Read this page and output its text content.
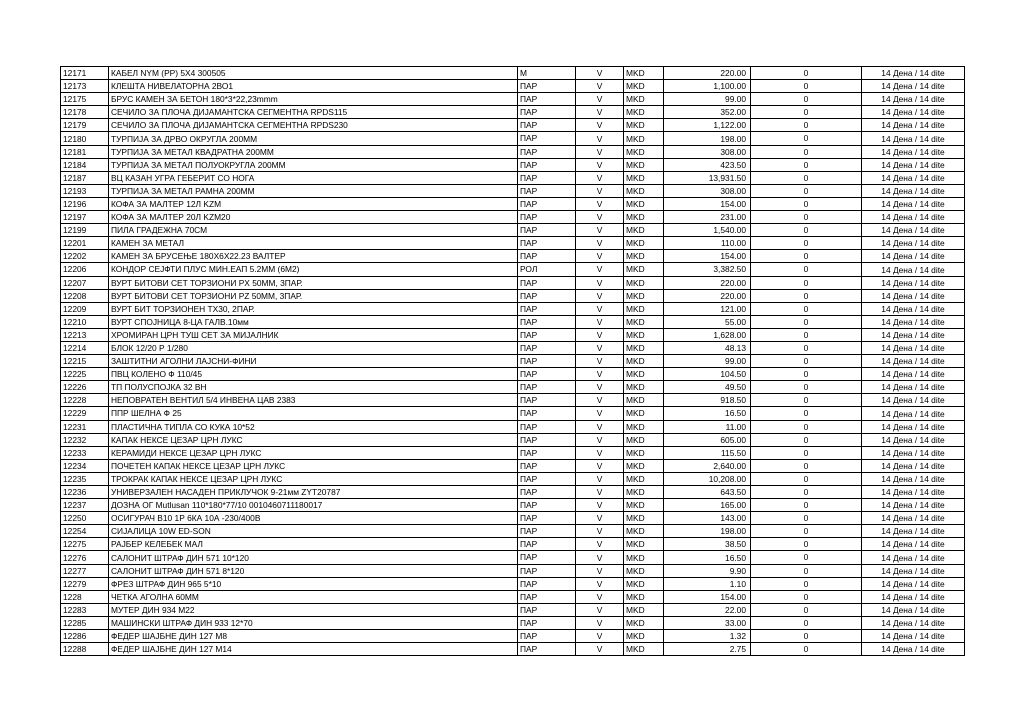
12171	КАБЕЛ NYM (PP) 5X4 300505	M	V	MKD	220.00	0	14 Дена / 14 dite
12173	КЛЕШТА НИВЕЛАТОРНА 2ВО1	ПАР	V	MKD	1,100.00	0	14 Дена / 14 dite
12175	БРУС КАМЕН ЗА БЕТОН 180*3*22,23mmm	ПАР	V	MKD	99.00	0	14 Дена / 14 dite
12178	СЕЧИЛО ЗА ПЛОЧА ДИЈАМАНТСКА СЕГМЕНТНА RPDS115	ПАР	V	MKD	352.00	0	14 Дена / 14 dite
12179	СЕЧИЛО ЗА ПЛОЧА ДИЈАМАНТСКА СЕГМЕНТНА RPDS230	ПАР	V	MKD	1,122.00	0	14 Дена / 14 dite
12180	ТУРПИЈА ЗА ДРВО ОКРУГЛА 200ММ	ПАР	V	MKD	198.00	0	14 Дена / 14 dite
12181	ТУРПИЈА ЗА МЕТАЛ КВАДРАТНА 200ММ	ПАР	V	MKD	308.00	0	14 Дена / 14 dite
12184	ТУРПИЈА ЗА МЕТАЛ ПОЛУОКРУГЛА 200ММ	ПАР	V	MKD	423.50	0	14 Дена / 14 dite
12187	ВЦ КАЗАН УГРА ГЕБЕРИТ СО НОГА	ПАР	V	MKD	13,931.50	0	14 Дена / 14 dite
12193	ТУРПИЈА ЗА МЕТАЛ РАМНА 200ММ	ПАР	V	MKD	308.00	0	14 Дена / 14 dite
12196	КОФА ЗА МАЛТЕР 12Л KZM	ПАР	V	MKD	154.00	0	14 Дена / 14 dite
12197	КОФА ЗА МАЛТЕР 20Л KZM20	ПАР	V	MKD	231.00	0	14 Дена / 14 dite
12199	ПИЛА ГРАДЕЖНА 70СМ	ПАР	V	MKD	1,540.00	0	14 Дена / 14 dite
12201	КАМЕН ЗА МЕТАЛ	ПАР	V	MKD	110.00	0	14 Дена / 14 dite
12202	КАМЕН ЗА БРУСЕЊЕ 180Х6Х22.23 ВАЛТЕР	ПАР	V	MKD	154.00	0	14 Дена / 14 dite
12206	КОНДОР СЕЈФТИ ПЛУС МИН.ЕАП 5.2ММ (6М2)	РОЛ	V	MKD	3,382.50	0	14 Дена / 14 dite
12207	ВУРТ БИТОВИ СЕТ ТОРЗИОНИ PX 50ММ, 3ПАР.	ПАР	V	MKD	220.00	0	14 Дена / 14 dite
12208	ВУРТ БИТОВИ СЕТ ТОРЗИОНИ PZ 50ММ, 3ПАР.	ПАР	V	MKD	220.00	0	14 Дена / 14 dite
12209	ВУРТ БИТ ТОРЗИОНЕН ТХ30, 2ПАР.	ПАР	V	MKD	121.00	0	14 Дена / 14 dite
12210	ВУРТ СПОЈНИЦА 8-ЦА ГАЛВ.10мм	ПАР	V	MKD	55.00	0	14 Дена / 14 dite
12213	ХРОМИРАН ЦРН ТУШ СЕТ ЗА МИЈАЛНИК	ПАР	V	MKD	1,628.00	0	14 Дена / 14 dite
12214	БЛОК 12/20 Р 1/280	ПАР	V	MKD	48.13	0	14 Дена / 14 dite
12215	ЗАШТИТНИ АГОЛНИ ЛАЈСНИ-ФИНИ	ПАР	V	MKD	99.00	0	14 Дена / 14 dite
12225	ПВЦ КОЛЕНО Ф 110/45	ПАР	V	MKD	104.50	0	14 Дена / 14 dite
12226	ТП ПОЛУСПОЈКА 32 ВН	ПАР	V	MKD	49.50	0	14 Дена / 14 dite
12228	НЕПОВРАТЕН ВЕНТИЛ 5/4 ИНВЕНА ЦАВ 2383	ПАР	V	MKD	918.50	0	14 Дена / 14 dite
12229	ППР ШЕЛНА Ф 25	ПАР	V	MKD	16.50	0	14 Дена / 14 dite
12231	ПЛАСТИЧНА ТИПЛА СО КУКА 10*52	ПАР	V	MKD	11.00	0	14 Дена / 14 dite
12232	КАПАК НЕКСЕ ЦЕЗАР ЦРН ЛУКС	ПАР	V	MKD	605.00	0	14 Дена / 14 dite
12233	КЕРАМИДИ НЕКСЕ ЦЕЗАР ЦРН ЛУКС	ПАР	V	MKD	115.50	0	14 Дена / 14 dite
12234	ПОЧЕТЕН КАПАК НЕКСЕ ЦЕЗАР ЦРН ЛУКС	ПАР	V	MKD	2,640.00	0	14 Дена / 14 dite
12235	ТРОКРАК КАПАК НЕКСЕ ЦЕЗАР ЦРН ЛУКС	ПАР	V	MKD	10,208.00	0	14 Дена / 14 dite
12236	УНИВЕРЗАЛЕН НАСАДЕН ПРИКЛУЧОК 9-21мм ZYT20787	ПАР	V	MKD	643.50	0	14 Дена / 14 dite
12237	ДОЗНА ОГ Mutlusan 110*180*77/10 0010460711180017	ПАР	V	MKD	165.00	0	14 Дена / 14 dite
12250	ОСИГУРАЧ B10 1Р 6КА 10А -230/400В	ПАР	V	MKD	143.00	0	14 Дена / 14 dite
12254	СИЈАЛИЦА 10W ED-SON	ПАР	V	MKD	198.00	0	14 Дена / 14 dite
12275	РАЈБЕР КЕЛЕБЕК МАЛ	ПАР	V	MKD	38.50	0	14 Дена / 14 dite
12276	САЛОНИТ ШТРАФ ДИН 571 10*120	ПАР	V	MKD	16.50	0	14 Дена / 14 dite
12277	САЛОНИТ ШТРАФ ДИН 571 8*120	ПАР	V	MKD	9.90	0	14 Дена / 14 dite
12279	ФРЕЗ ШТРАФ ДИН 965 5*10	ПАР	V	MKD	1.10	0	14 Дена / 14 dite
1228	ЧЕТКА АГОЛНА 60ММ	ПАР	V	MKD	154.00	0	14 Дена / 14 dite
12283	МУТЕР ДИН 934 М22	ПАР	V	MKD	22.00	0	14 Дена / 14 dite
12285	МАШИНСКИ ШТРАФ ДИН 933 12*70	ПАР	V	MKD	33.00	0	14 Дена / 14 dite
12286	ФЕДЕР ШАЈБНЕ ДИН 127 М8	ПАР	V	MKD	1.32	0	14 Дена / 14 dite
12288	ФЕДЕР ШАЈБНЕ ДИН 127 М14	ПАР	V	MKD	2.75	0	14 Дена / 14 dite
